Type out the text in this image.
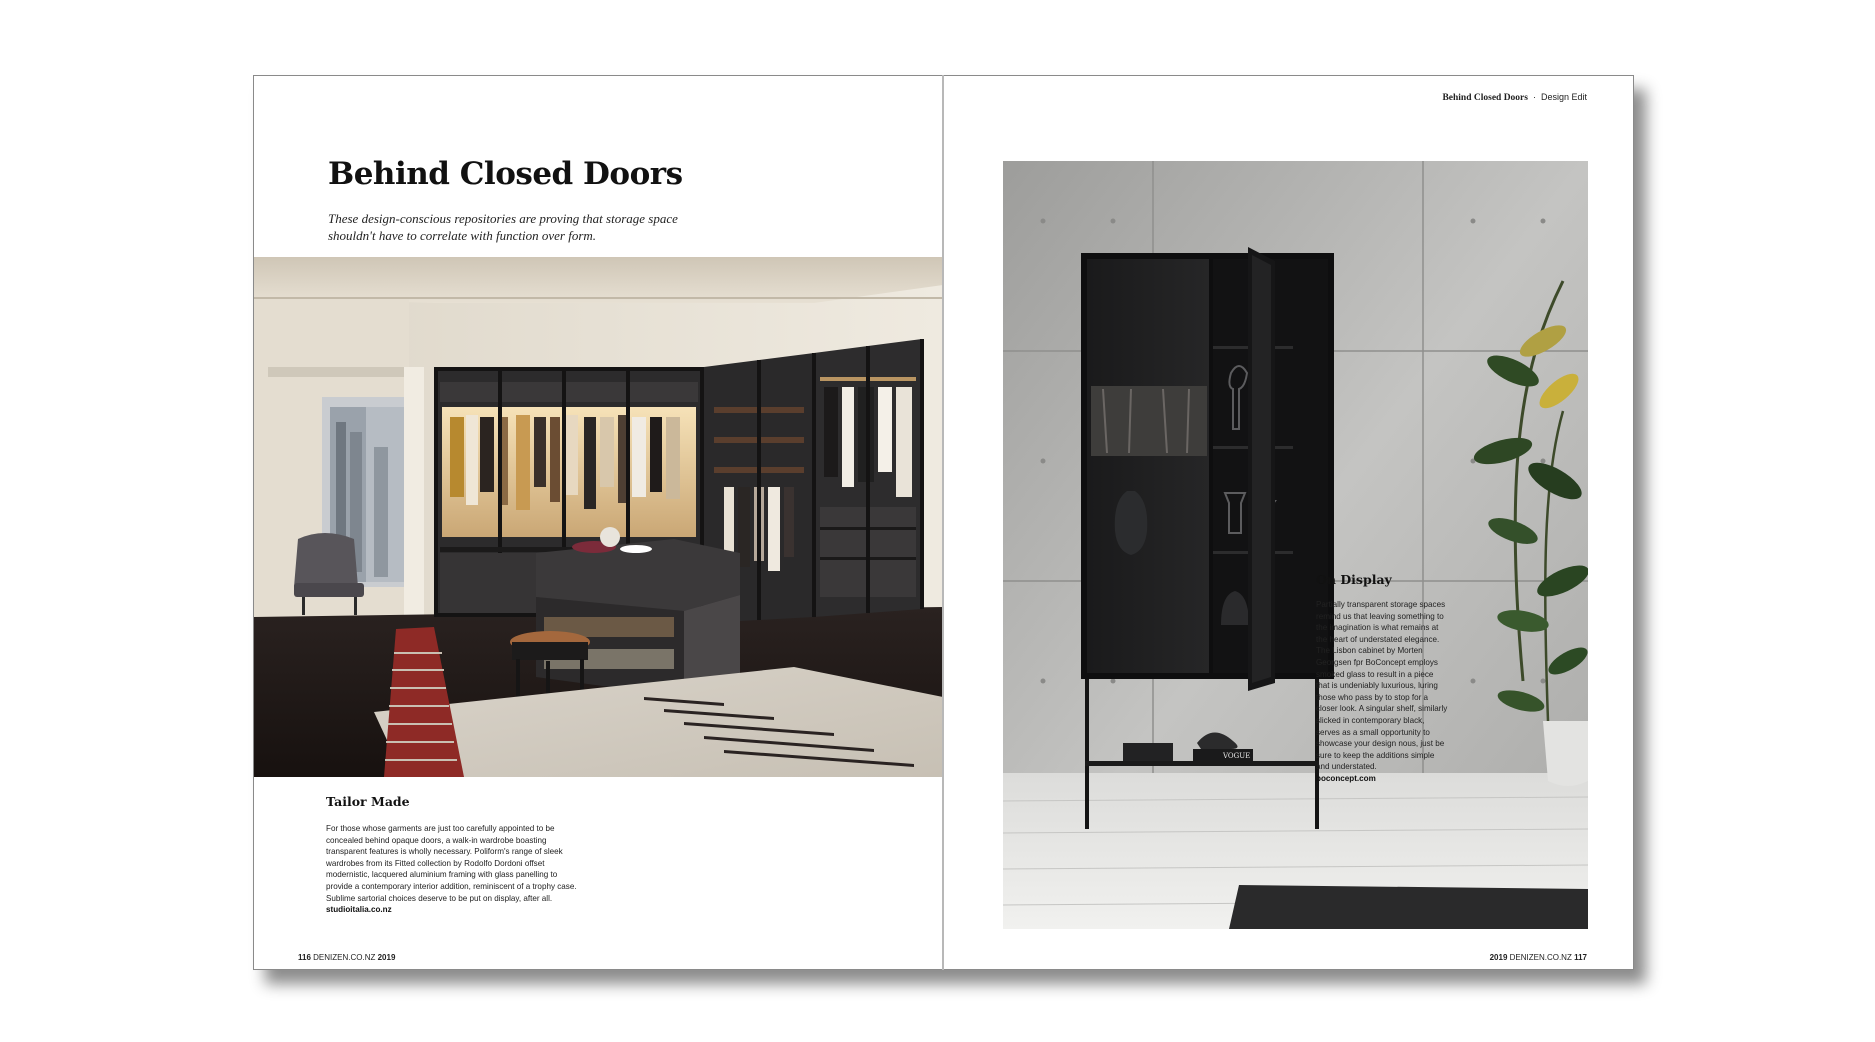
Behind Closed Doors

These design-conscious repositories are proving that storage space shouldn't have to correlate with function over form.

Tailor Made

For those whose garments are just too carefully appointed to be concealed behind opaque doors, a walk-in wardrobe boasting transparent features is wholly necessary. Poliform's range of sleek wardrobes from its Fitted collection by Rodolfo Dordoni offset modernistic, lacquered aluminium framing with glass panelling to provide a contemporary interior addition, reminiscent of a trophy case. Sublime sartorial choices deserve to be put on display, after all.
studioitalia.co.nz

116 DENIZEN.CO.NZ 2019
Behind Closed Doors · Design Edit
VOGUE
On Display

Partially transparent storage spaces remind us that leaving something to the imagination is what remains at the heart of understated elegance. The Lisbon cabinet by Morten Georgsen fpr BoConcept employs smoked glass to result in a piece that is undeniably luxurious, luring those who pass by to stop for a closer look. A singular shelf, similarly slicked in contemporary black, serves as a small opportunity to showcase your design nous, just be sure to keep the additions simple and understated.
boconcept.com

2019 DENIZEN.CO.NZ 117
